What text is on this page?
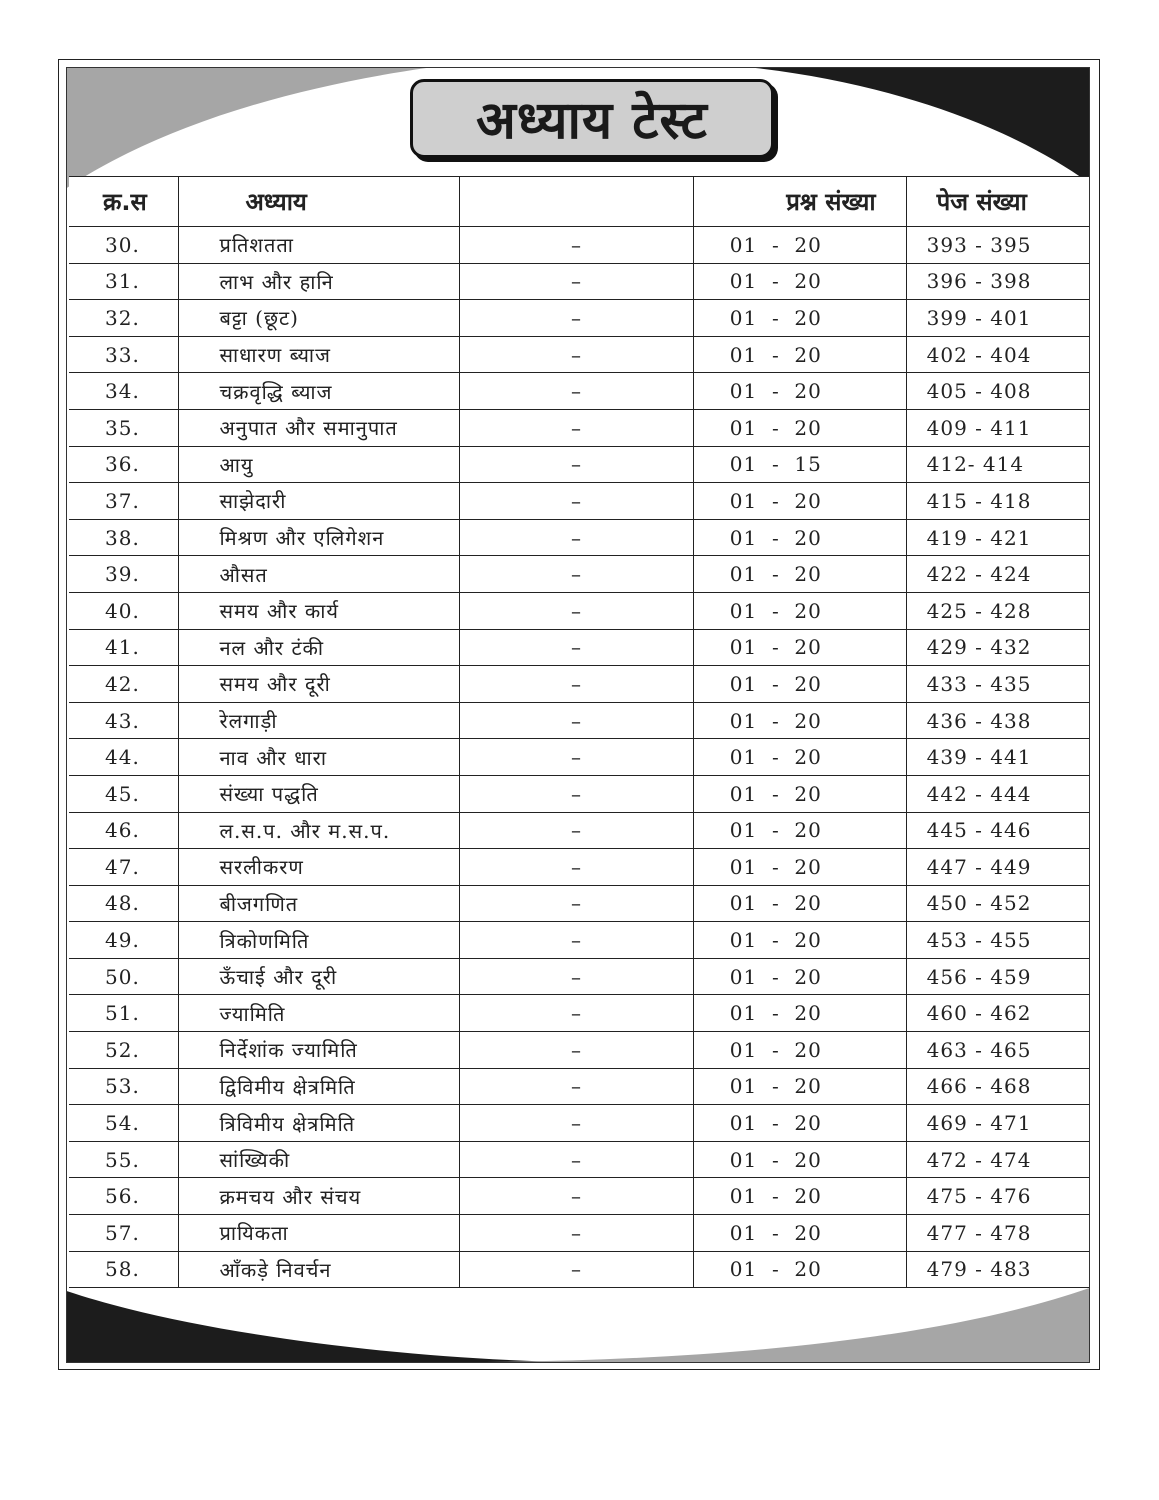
अध्याय टेस्ट
क्र.स	अध्याय		प्रश्न संख्या	पेज संख्या
30.	प्रतिशतता	–	01  -  20	393 - 395
31.	लाभ और हानि	–	01  -  20	396 - 398
32.	बट्टा (छूट)	–	01  -  20	399 - 401
33.	साधारण ब्याज	–	01  -  20	402 - 404
34.	चक्रवृद्धि ब्याज	–	01  -  20	405 - 408
35.	अनुपात और समानुपात	–	01  -  20	409 - 411
36.	आयु	–	01  -  15	412- 414
37.	साझेदारी	–	01  -  20	415 - 418
38.	मिश्रण और एलिगेशन	–	01  -  20	419 - 421
39.	औसत	–	01  -  20	422 - 424
40.	समय और कार्य	–	01  -  20	425 - 428
41.	नल और टंकी	–	01  -  20	429 - 432
42.	समय और दूरी	–	01  -  20	433 - 435
43.	रेलगाड़ी	–	01  -  20	436 - 438
44.	नाव और धारा	–	01  -  20	439 - 441
45.	संख्या पद्धति	–	01  -  20	442 - 444
46.	ल.स.प. और म.स.प.	–	01  -  20	445 - 446
47.	सरलीकरण	–	01  -  20	447 - 449
48.	बीजगणित	–	01  -  20	450 - 452
49.	त्रिकोणमिति	–	01  -  20	453 - 455
50.	ऊँचाई और दूरी	–	01  -  20	456 - 459
51.	ज्यामिति	–	01  -  20	460 - 462
52.	निर्देशांक ज्यामिति	–	01  -  20	463 - 465
53.	द्विविमीय क्षेत्रमिति	–	01  -  20	466 - 468
54.	त्रिविमीय क्षेत्रमिति	–	01  -  20	469 - 471
55.	सांख्यिकी	–	01  -  20	472 - 474
56.	क्रमचय और संचय	–	01  -  20	475 - 476
57.	प्रायिकता	–	01  -  20	477 - 478
58.	आँकड़े निवर्चन	–	01  -  20	479 - 483
